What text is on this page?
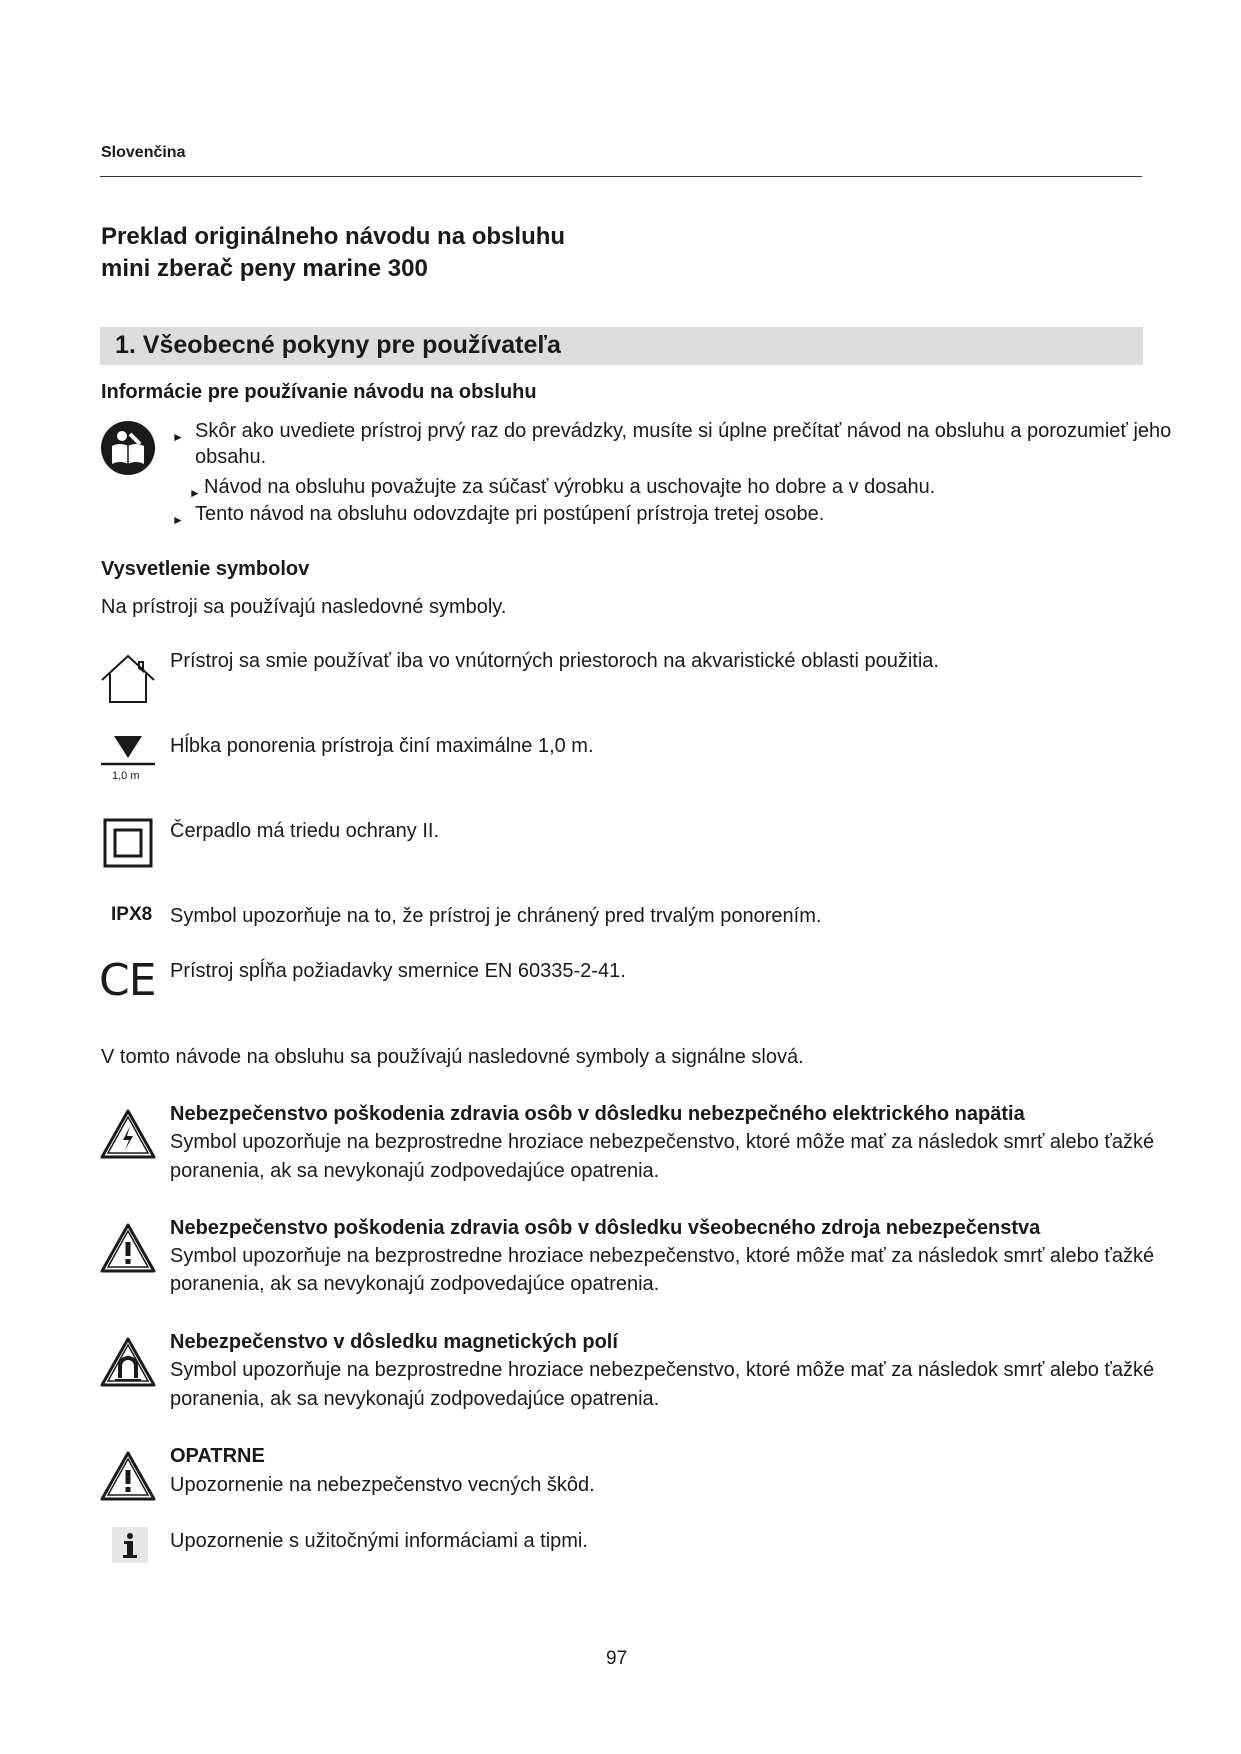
Slovenčina
Preklad originálneho návodu na obsluhu
mini zberač peny marine 300
1. Všeobecné pokyny pre používateľa
Informácie pre používanie návodu na obsluhu
► Skôr ako uvediete prístroj prvý raz do prevádzky, musíte si úplne prečítať návod na obsluhu a porozumieť jeho
obsahu.
► Návod na obsluhu považujte za súčasť výrobku a uschovajte ho dobre a v dosahu.
► Tento návod na obsluhu odovzdajte pri postúpení prístroja tretej osobe.
Vysvetlenie symbolov
Na prístroji sa používajú nasledovné symboly.
Prístroj sa smie používať iba vo vnútorných priestoroch na akvaristické oblasti použitia.
1,0 m
Hĺbka ponorenia prístroja činí maximálne 1,0 m.
Čerpadlo má triedu ochrany II.
IPX8 Symbol upozorňuje na to, že prístroj je chránený pred trvalým ponorením.
CE Prístroj spĺňa požiadavky smernice EN 60335-2-41.
V tomto návode na obsluhu sa používajú nasledovné symboly a signálne slová.
Nebezpečenstvo poškodenia zdravia osôb v dôsledku nebezpečného elektrického napätia
Symbol upozorňuje na bezprostredne hroziace nebezpečenstvo, ktoré môže mať za následok smrť alebo ťažké
poranenia, ak sa nevykonajú zodpovedajúce opatrenia.
Nebezpečenstvo poškodenia zdravia osôb v dôsledku všeobecného zdroja nebezpečenstva
Symbol upozorňuje na bezprostredne hroziace nebezpečenstvo, ktoré môže mať za následok smrť alebo ťažké
poranenia, ak sa nevykonajú zodpovedajúce opatrenia.
Nebezpečenstvo v dôsledku magnetických polí
Symbol upozorňuje na bezprostredne hroziace nebezpečenstvo, ktoré môže mať za následok smrť alebo ťažké
poranenia, ak sa nevykonajú zodpovedajúce opatrenia.
OPATRNE
Upozornenie na nebezpečenstvo vecných škôd.
Upozornenie s užitočnými informáciami a tipmi.
97
